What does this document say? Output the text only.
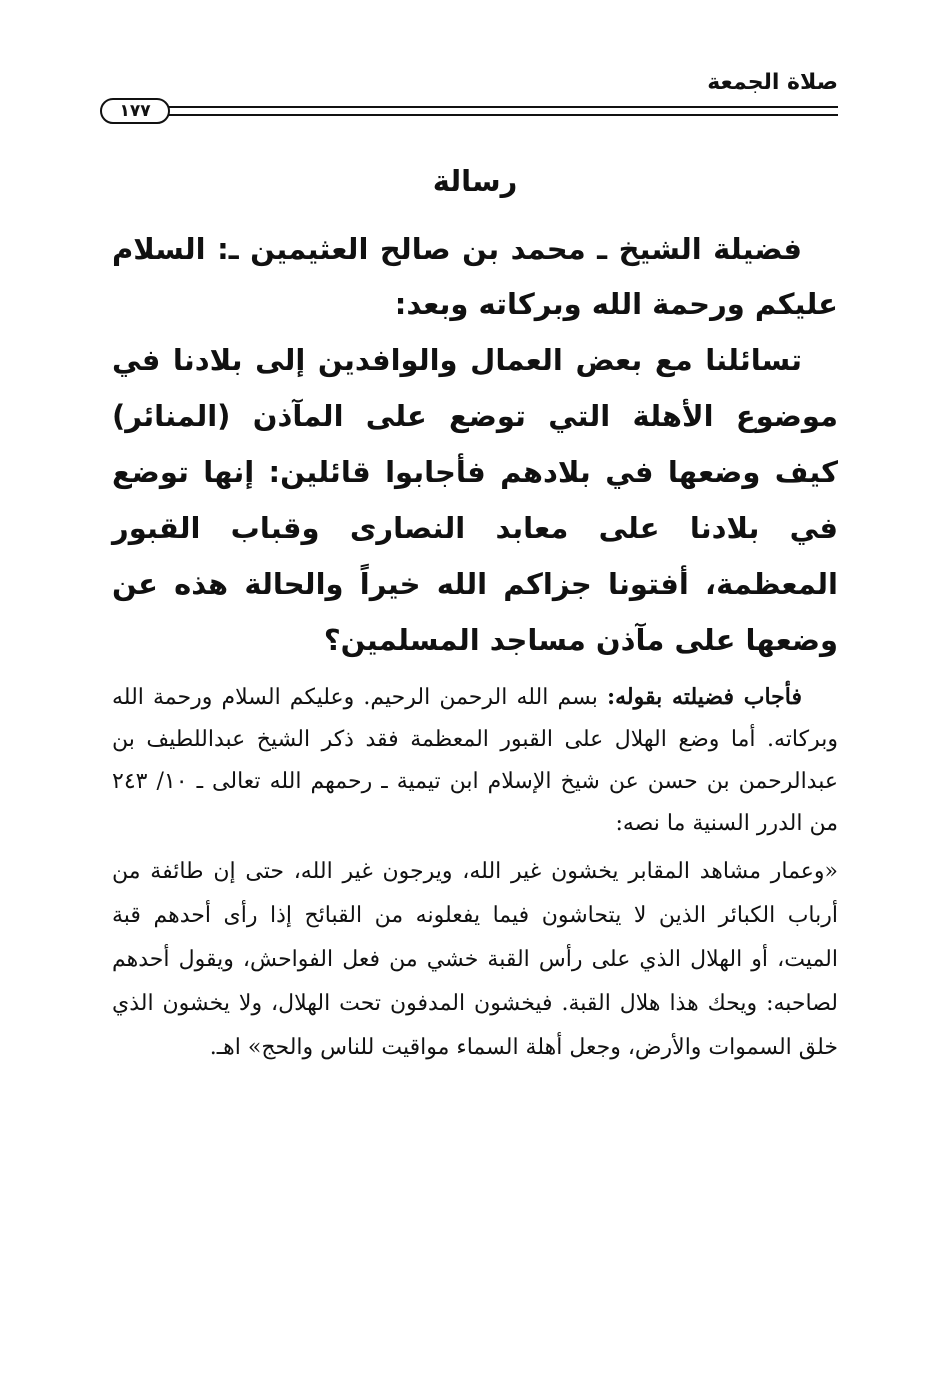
صلاة الجمعة
١٧٧
رسالة

فضيلة الشيخ ـ محمد بن صالح العثيمين ـ: السلام عليكم ورحمة الله وبركاته وبعد:

تسائلنا مع بعض العمال والوافدين إلى بلادنا في موضوع الأهلة التي توضع على المآذن (المنائر) كيف وضعها في بلادهم فأجابوا قائلين: إنها توضع في بلادنا على معابد النصارى وقباب القبور المعظمة، أفتونا جزاكم الله خيراً والحالة هذه عن وضعها على مآذن مساجد المسلمين؟

فأجاب فضيلته بقوله: بسم الله الرحمن الرحيم. وعليكم السلام ورحمة الله وبركاته. أما وضع الهلال على القبور المعظمة فقد ذكر الشيخ عبداللطيف بن عبدالرحمن بن حسن عن شيخ الإسلام ابن تيمية ـ رحمهم الله تعالى ـ ١٠/ ٢٤٣ من الدرر السنية ما نصه:

«وعمار مشاهد المقابر يخشون غير الله، ويرجون غير الله، حتى إن طائفة من أرباب الكبائر الذين لا يتحاشون فيما يفعلونه من القبائح إذا رأى أحدهم قبة الميت، أو الهلال الذي على رأس القبة خشي من فعل الفواحش، ويقول أحدهم لصاحبه: ويحك هذا هلال القبة. فيخشون المدفون تحت الهلال، ولا يخشون الذي خلق السموات والأرض، وجعل أهلة السماء مواقيت للناس والحج» اهـ.
